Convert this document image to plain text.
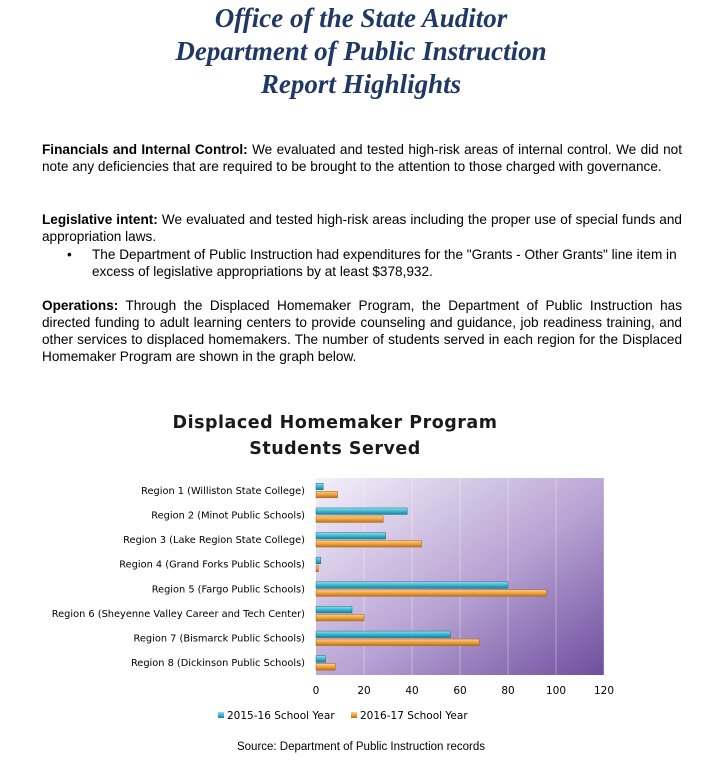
Office of the State Auditor
Department of Public Instruction
Report Highlights
Financials and Internal Control: We evaluated and tested high-risk areas of internal control. We did not note any deficiencies that are required to be brought to the attention to those charged with governance.
Legislative intent: We evaluated and tested high-risk areas including the proper use of special funds and appropriation laws.
• The Department of Public Instruction had expenditures for the "Grants - Other Grants" line item in excess of legislative appropriations by at least $378,932.
Operations: Through the Displaced Homemaker Program, the Department of Public Instruction has directed funding to adult learning centers to provide counseling and guidance, job readiness training, and other services to displaced homemakers. The number of students served in each region for the Displaced Homemaker Program are shown in the graph below.
Displaced Homemaker Program
Students Served
0	20	40	60	80	100	120
Region 1 (Williston State College)
Region 2 (Minot Public Schools)
Region 3 (Lake Region State College)
Region 4 (Grand Forks Public Schools)
Region 5 (Fargo Public Schools)
Region 6 (Sheyenne Valley Career and Tech Center)
Region 7 (Bismarck Public Schools)
Region 8 (Dickinson Public Schools)
2015-16 School Year 2016-17 School Year
Source: Department of Public Instruction records
